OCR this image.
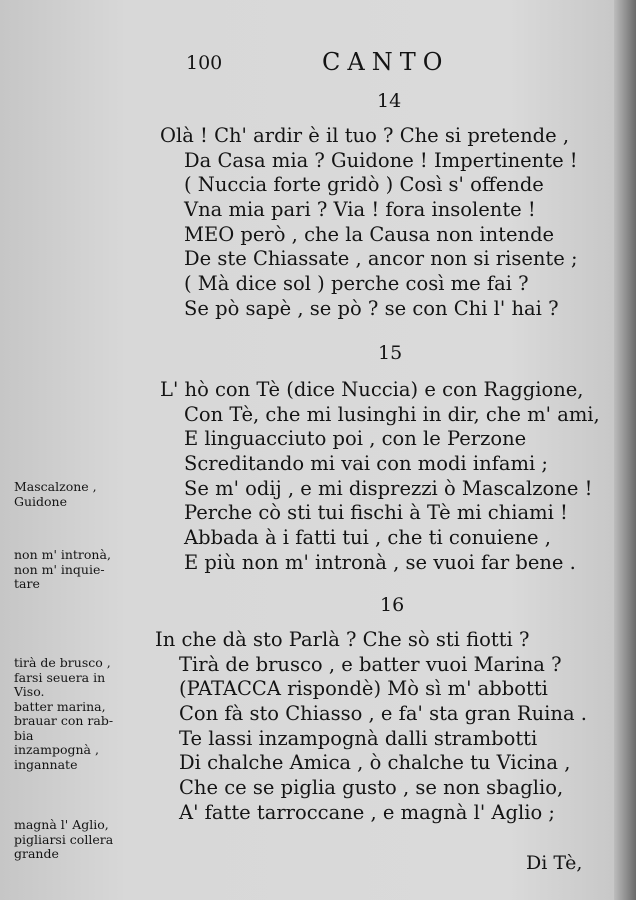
100	CANTO
14
Olà ! Ch' ardir è il tuo ? Che si pretende ,
Da Casa mia ? Guidone ! Impertinente !
( Nuccia forte gridò ) Così s' offende
Vna mia pari ? Via ! fora insolente !
MEO però , che la Causa non intende
De ste Chiassate , ancor non si risente ;
( Mà dice sol ) perche così me fai ?
Se pò sapè , se pò ? se con Chi l' hai ?
15
L' hò con Tè (dice Nuccia) e con Raggione,
Con Tè, che mi lusinghi in dir, che m' ami,
E linguacciuto poi , con le Perzone
Screditando mi vai con modi infami ;
Se m' odij , e mi disprezzi ò Mascalzone !
Perche cò sti tui fischi à Tè mi chiami !
Abbada à i fatti tui , che ti conuiene ,
E più non m' intronà , se vuoi far bene .
16
In che dà sto Parlà ? Che sò sti fiotti ?
Tirà de brusco , e batter vuoi Marina ?
(PATACCA rispondè) Mò sì m' abbotti
Con fà sto Chiasso , e fa' sta gran Ruina .
Te lassi inzampognà dalli strambotti
Di chalche Amica , ò chalche tu Vicina ,
Che ce se piglia gusto , se non sbaglio,
A' fatte tarroccane , e magnà l' Aglio ;
Mascalzone ,
Guidone
non m' intronà,
non m' inquie-
tare
tirà de brusco ,
farsi seuera in
Viso.
batter marina,
brauar con rab-
bia
inzampognà ,
ingannate
magnà l' Aglio,
pigliarsi collera
grande	Di Tè,
